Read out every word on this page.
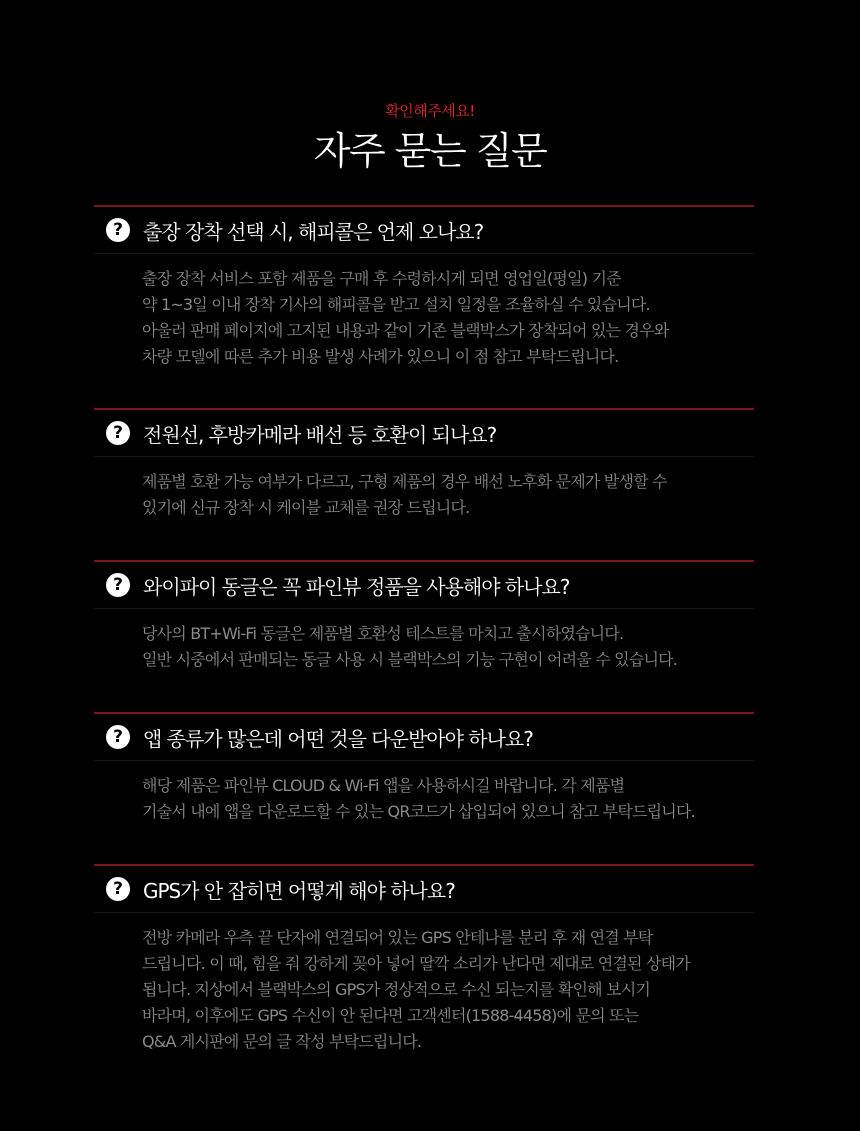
확인해주세요!
자주 묻는 질문
?	출장 장착 선택 시, 해피콜은 언제 오나요?
출장 장착 서비스 포함 제품을 구매 후 수령하시게 되면 영업일(평일) 기준
약 1~3일 이내 장착 기사의 해피콜을 받고 설치 일정을 조율하실 수 있습니다.
아울러 판매 페이지에 고지된 내용과 같이 기존 블랙박스가 장착되어 있는 경우와
차량 모델에 따른 추가 비용 발생 사례가 있으니 이 점 참고 부탁드립니다.
?	전원선, 후방카메라 배선 등 호환이 되나요?
제품별 호환 가능 여부가 다르고, 구형 제품의 경우 배선 노후화 문제가 발생할 수
있기에 신규 장착 시 케이블 교체를 권장 드립니다.
?	와이파이 동글은 꼭 파인뷰 정품을 사용해야 하나요?
당사의 BT+Wi-Fi 동글은 제품별 호환성 테스트를 마치고 출시하였습니다.
일반 시중에서 판매되는 동글 사용 시 블랙박스의 기능 구현이 어려울 수 있습니다.
?	앱 종류가 많은데 어떤 것을 다운받아야 하나요?
해당 제품은 파인뷰 CLOUD & Wi-Fi 앱을 사용하시길 바랍니다. 각 제품별
기술서 내에 앱을 다운로드할 수 있는 QR코드가 삽입되어 있으니 참고 부탁드립니다.
?	GPS가 안 잡히면 어떻게 해야 하나요?
전방 카메라 우측 끝 단자에 연결되어 있는 GPS 안테나를 분리 후 재 연결 부탁
드립니다. 이 때, 힘을 줘 강하게 꽂아 넣어 딸깍 소리가 난다면 제대로 연결된 상태가
됩니다. 지상에서 블랙박스의 GPS가 정상적으로 수신 되는지를 확인해 보시기
바라며, 이후에도 GPS 수신이 안 된다면 고객센터(1588-4458)에 문의 또는
Q&A 게시판에 문의 글 작성 부탁드립니다.
